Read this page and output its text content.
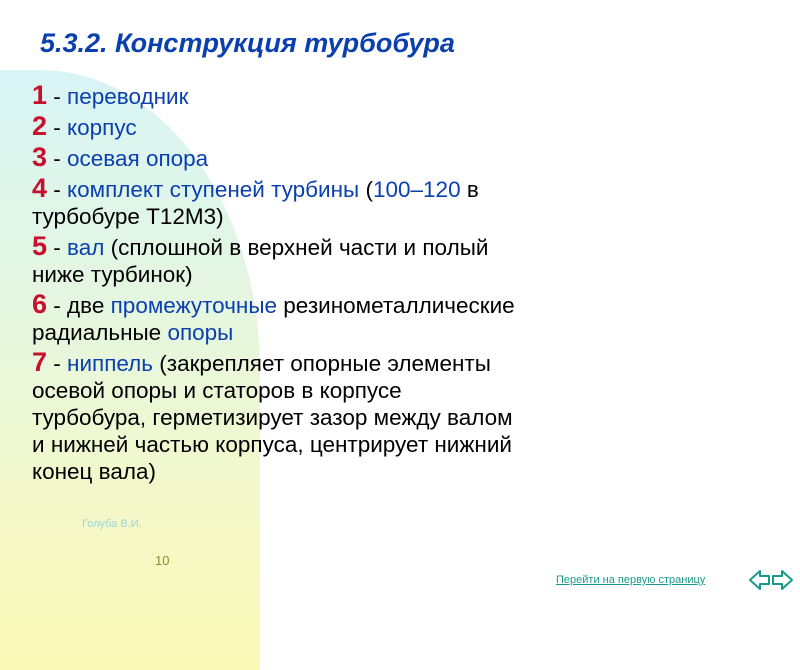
5.3.2. Конструкция турбобура

1 - переводник

2 - корпус

3 - осевая опора

4 - комплект ступеней турбины (100–120 в турбобуре Т12М3)

5 - вал (сплошной в верхней части и полый ниже турбинок)

6 - две промежуточные резинометаллические радиальные опоры

7 - ниппель (закрепляет опорные элементы осевой опоры и статоров в корпусе турбобура, герметизирует зазор между валом и нижней частью корпуса, центрирует нижний конец вала)

Голуба В.И.
10
Перейти на первую страницу
